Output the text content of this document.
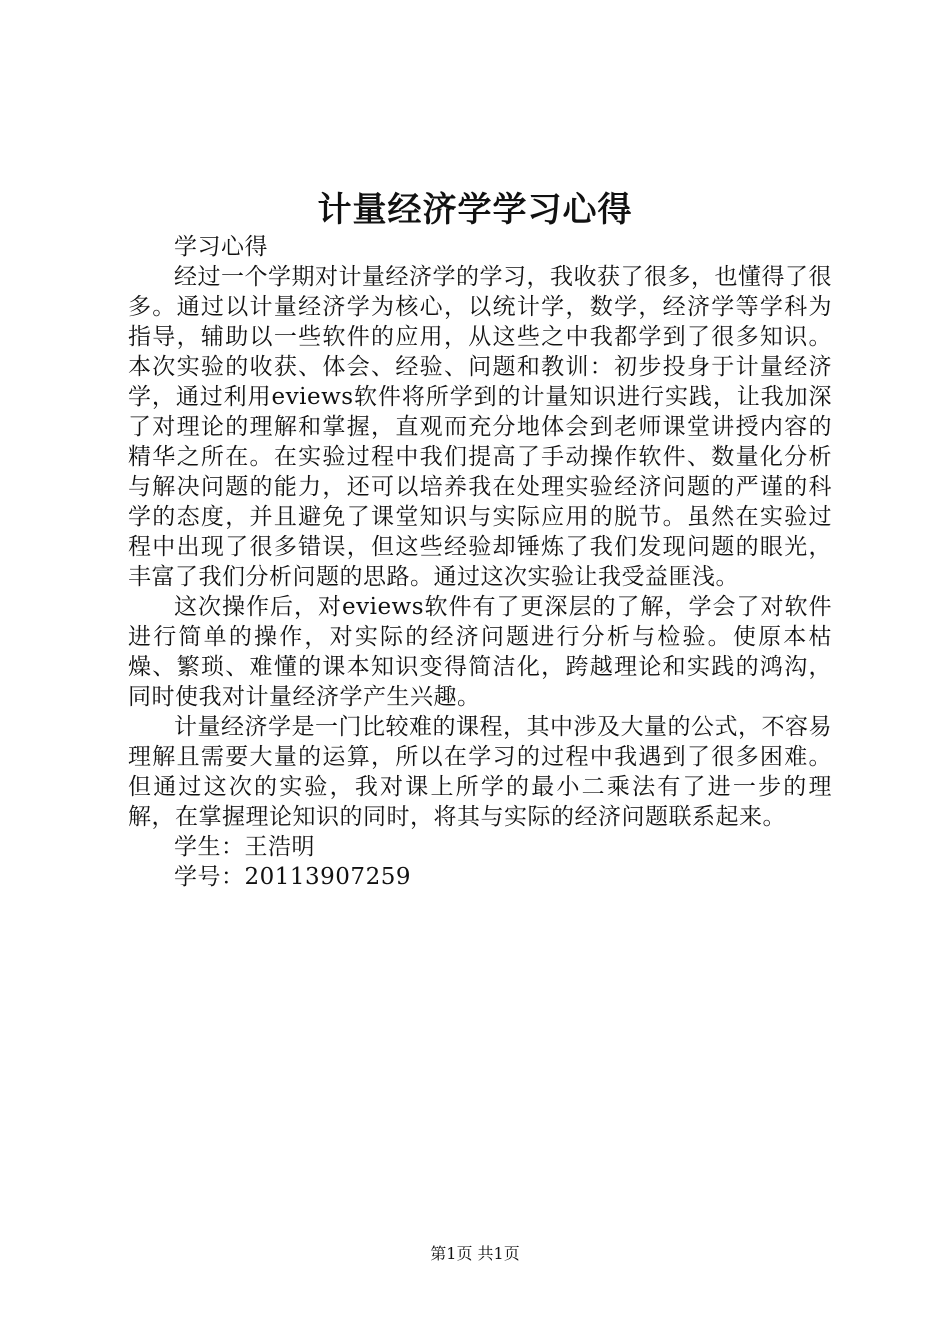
计量经济学学习心得

学习心得

经过一个学期对计量经济学的学习，我收获了很多，也懂得了很多。通过以计量经济学为核心，以统计学，数学，经济学等学科为指导，辅助以一些软件的应用，从这些之中我都学到了很多知识。本次实验的收获、体会、经验、问题和教训：初步投身于计量经济学，通过利用eviews软件将所学到的计量知识进行实践，让我加深了对理论的理解和掌握，直观而充分地体会到老师课堂讲授内容的精华之所在。在实验过程中我们提高了手动操作软件、数量化分析与解决问题的能力，还可以培养我在处理实验经济问题的严谨的科学的态度，并且避免了课堂知识与实际应用的脱节。虽然在实验过程中出现了很多错误，但这些经验却锤炼了我们发现问题的眼光，丰富了我们分析问题的思路。通过这次实验让我受益匪浅。

这次操作后，对eviews软件有了更深层的了解，学会了对软件进行简单的操作，对实际的经济问题进行分析与检验。使原本枯燥、繁琐、难懂的课本知识变得简洁化，跨越理论和实践的鸿沟，同时使我对计量经济学产生兴趣。

计量经济学是一门比较难的课程，其中涉及大量的公式，不容易理解且需要大量的运算，所以在学习的过程中我遇到了很多困难。但通过这次的实验，我对课上所学的最小二乘法有了进一步的理解，在掌握理论知识的同时，将其与实际的经济问题联系起来。

学生：王浩明

学号：20113907259

第1页 共1页
